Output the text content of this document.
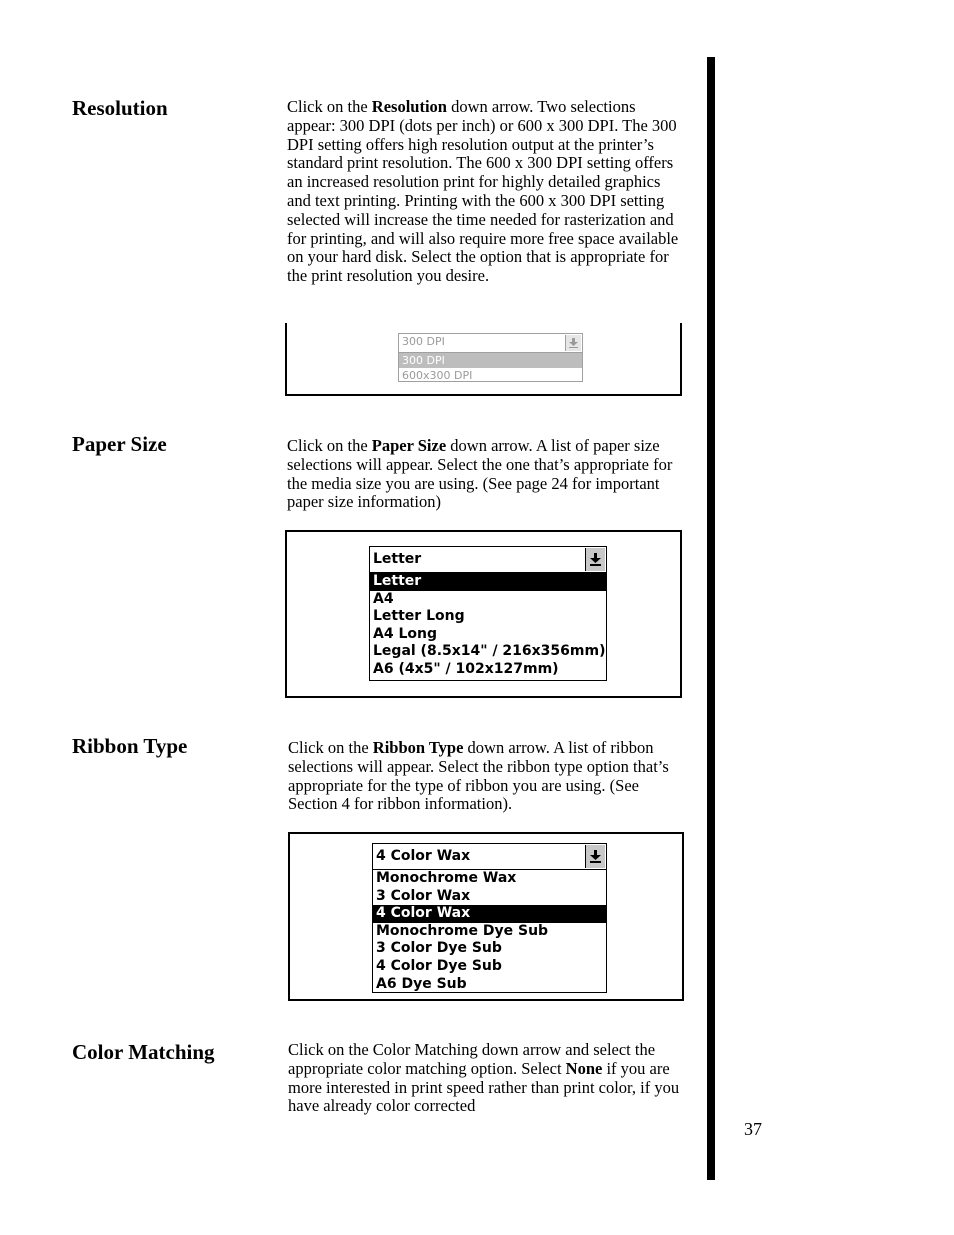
37
Resolution	Click on the Resolution down arrow. Two selections appear: 300 DPI (dots per inch) or 600 x 300 DPI. The 300 DPI setting offers high resolution output at the printer’s standard print resolution. The 600 x 300 DPI setting offers an increased resolution print for highly detailed graphics and text printing. Printing with the 600 x 300 DPI setting selected will increase the time needed for rasterization and for printing, and will also require more free space available on your hard disk. Select the option that is appropriate for the print resolution you desire.

300 DPI
300 DPI
600x300 DPI
Paper Size	Click on the Paper Size down arrow. A list of paper size selections will appear. Select the one that’s appropriate for the media size you are using. (See page 24 for important paper size information)

Letter
Letter
A4
Letter Long
A4 Long
Legal (8.5x14" / 216x356mm)
A6 (4x5" / 102x127mm)
Ribbon Type	Click on the Ribbon Type down arrow. A list of ribbon selections will appear. Select the ribbon type option that’s appropriate for the type of ribbon you are using. (See Section 4 for ribbon information).

4 Color Wax
Monochrome Wax
3 Color Wax
4 Color Wax
Monochrome Dye Sub
3 Color Dye Sub
4 Color Dye Sub
A6 Dye Sub
Color Matching	Click on the Color Matching down arrow and select the appropriate color matching option. Select None if you are more interested in print speed rather than print color, if you have already color corrected
